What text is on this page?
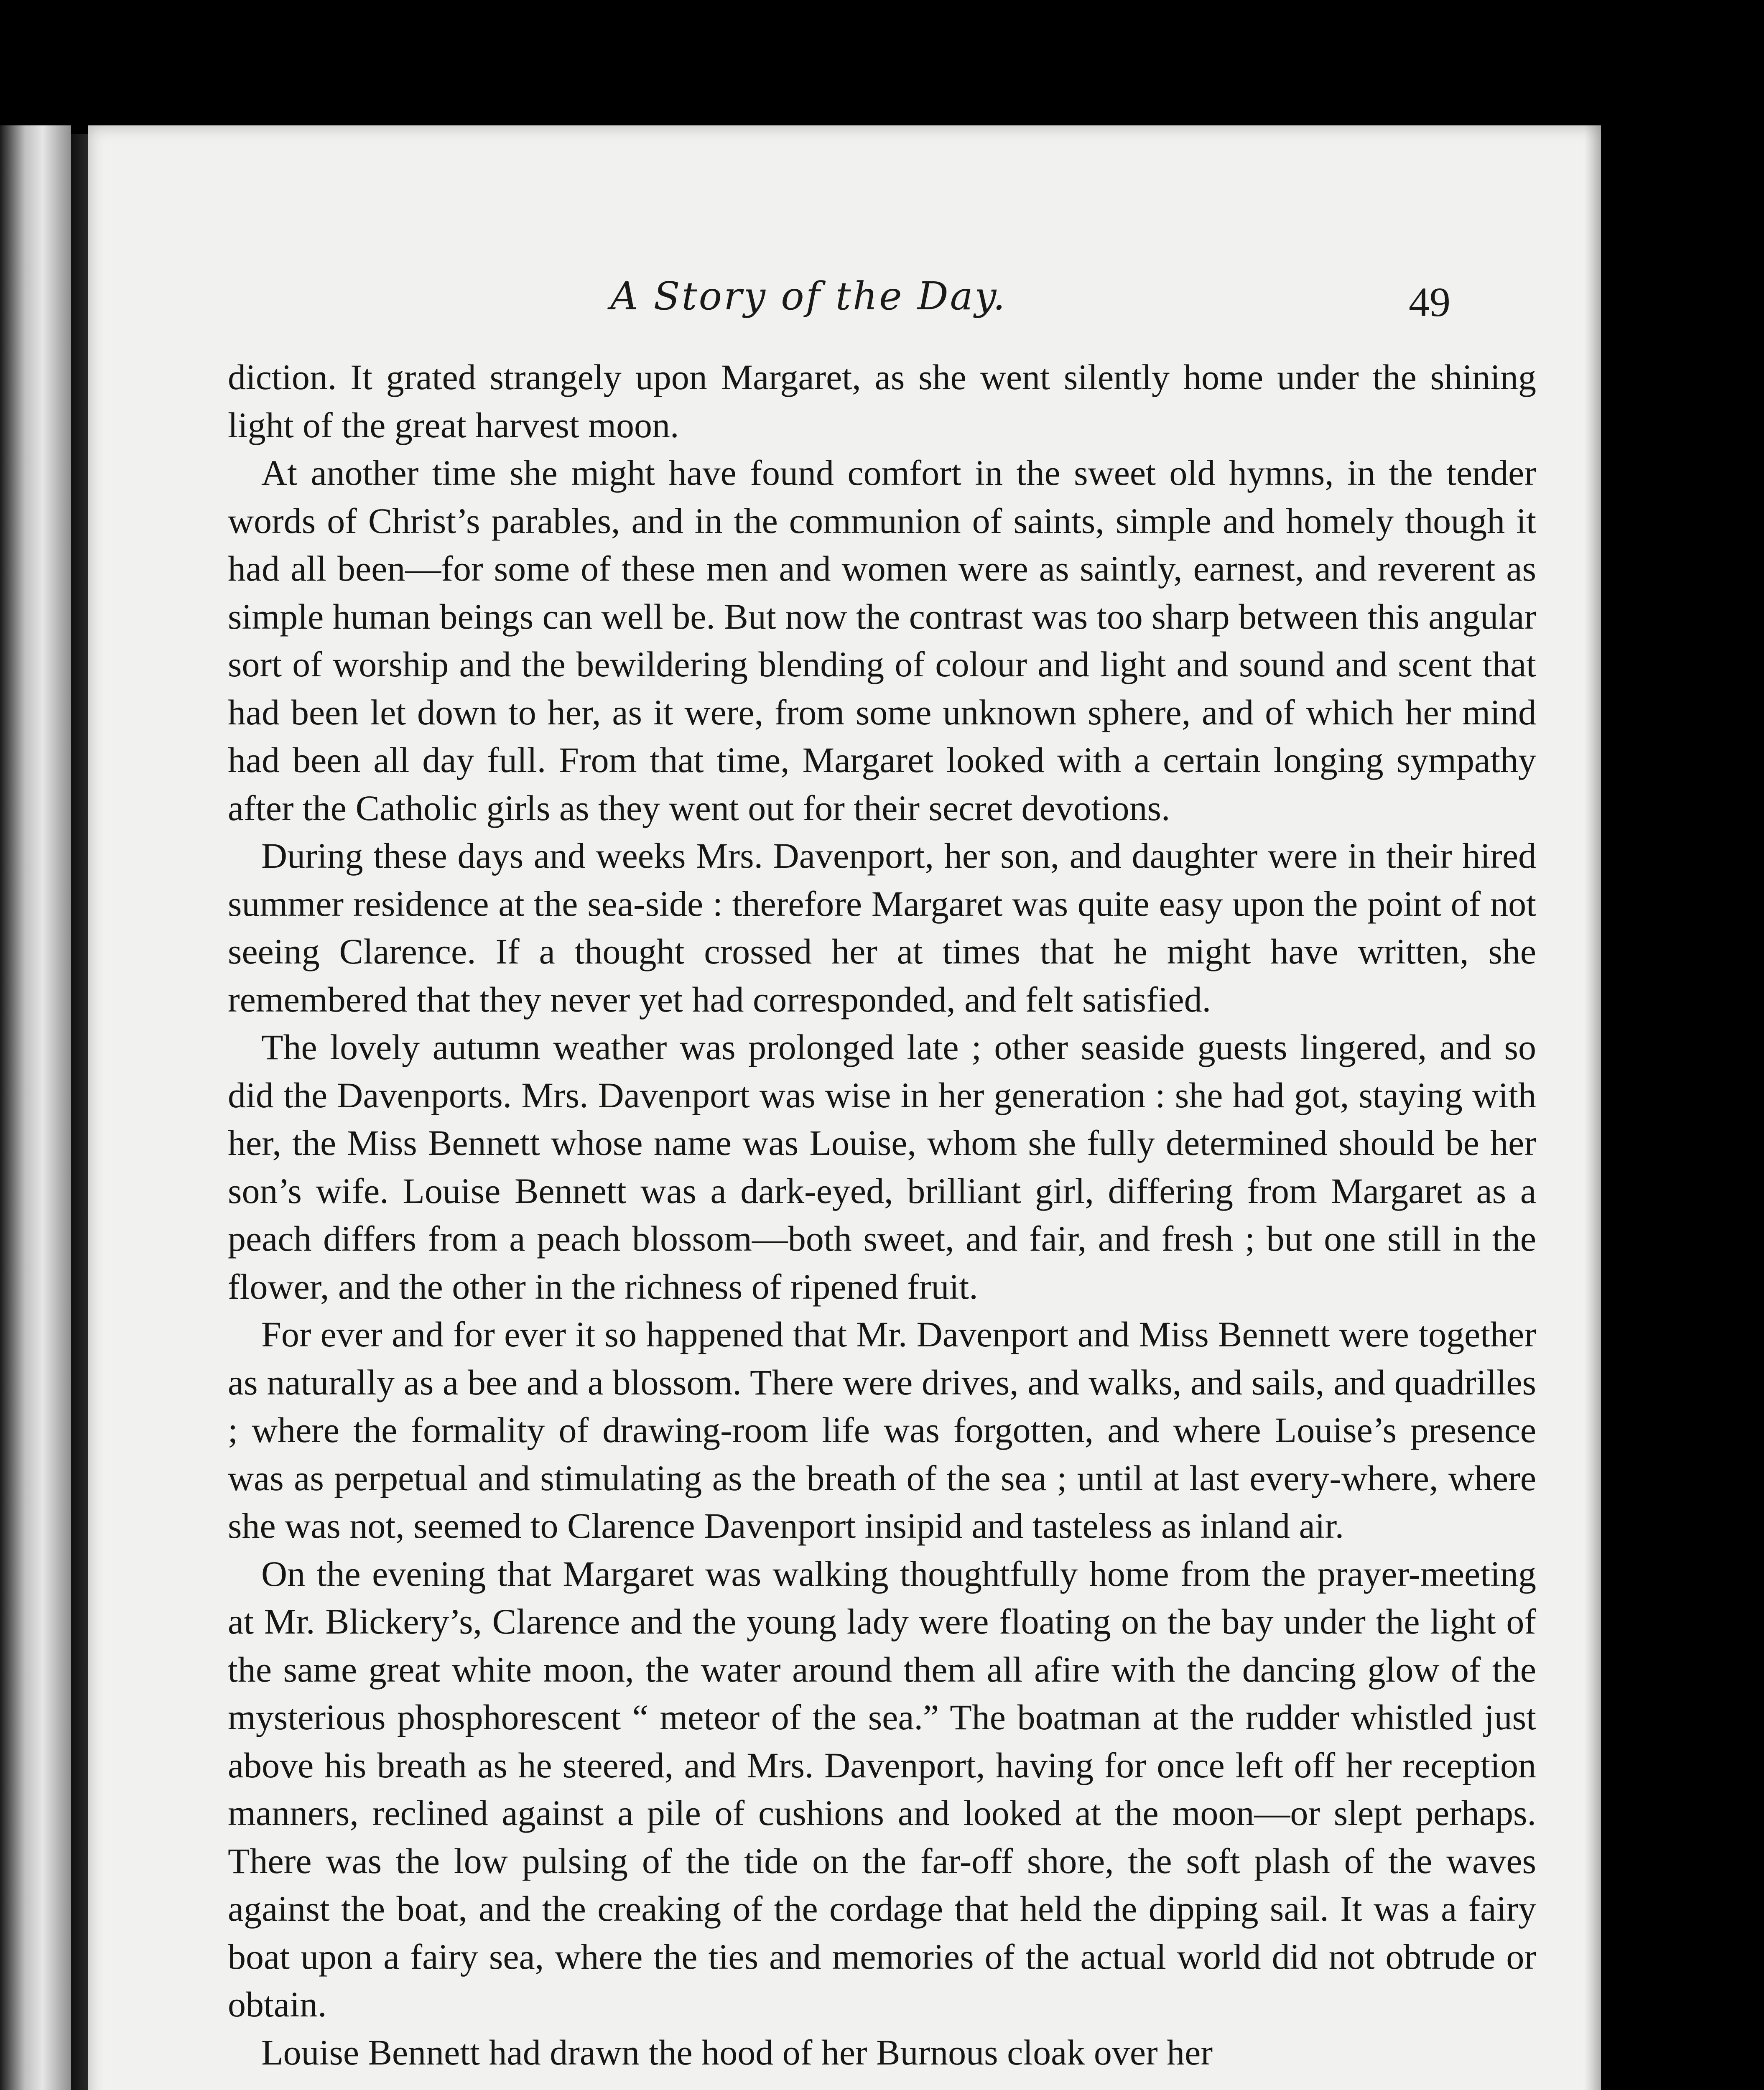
A Story of the Day.	49

diction. It grated strangely upon Margaret, as she went silently home under the shining light of the great harvest moon.

At another time she might have found comfort in the sweet old hymns, in the tender words of Christ’s parables, and in the communion of saints, simple and homely though it had all been—for some of these men and women were as saintly, earnest, and reverent as simple human beings can well be. But now the contrast was too sharp between this angular sort of worship and the bewildering blending of colour and light and sound and scent that had been let down to her, as it were, from some unknown sphere, and of which her mind had been all day full. From that time, Margaret looked with a certain longing sympathy after the Catholic girls as they went out for their secret devotions.

During these days and weeks Mrs. Davenport, her son, and daughter were in their hired summer residence at the sea-side : therefore Margaret was quite easy upon the point of not seeing Clarence. If a thought crossed her at times that he might have written, she remembered that they never yet had corresponded, and felt satisfied.

The lovely autumn weather was prolonged late ; other seaside guests lingered, and so did the Davenports. Mrs. Davenport was wise in her generation : she had got, staying with her, the Miss Bennett whose name was Louise, whom she fully determined should be her son’s wife. Louise Bennett was a dark-eyed, brilliant girl, differing from Margaret as a peach differs from a peach blossom—both sweet, and fair, and fresh ; but one still in the flower, and the other in the richness of ripened fruit.

For ever and for ever it so happened that Mr. Davenport and Miss Bennett were together as naturally as a bee and a blossom. There were drives, and walks, and sails, and quadrilles ; where the formality of drawing-room life was forgotten, and where Louise’s presence was as perpetual and stimulating as the breath of the sea ; until at last every-where, where she was not, seemed to Clarence Davenport insipid and tasteless as inland air.

On the evening that Margaret was walking thoughtfully home from the prayer-meeting at Mr. Blickery’s, Clarence and the young lady were floating on the bay under the light of the same great white moon, the water around them all afire with the dancing glow of the mysterious phosphorescent “ meteor of the sea.” The boatman at the rudder whistled just above his breath as he steered, and Mrs. Davenport, having for once left off her reception manners, reclined against a pile of cushions and looked at the moon—or slept perhaps. There was the low pulsing of the tide on the far-off shore, the soft plash of the waves against the boat, and the creaking of the cordage that held the dipping sail. It was a fairy boat upon a fairy sea, where the ties and memories of the actual world did not obtrude or obtain.

Louise Bennett had drawn the hood of her Burnous cloak over her
